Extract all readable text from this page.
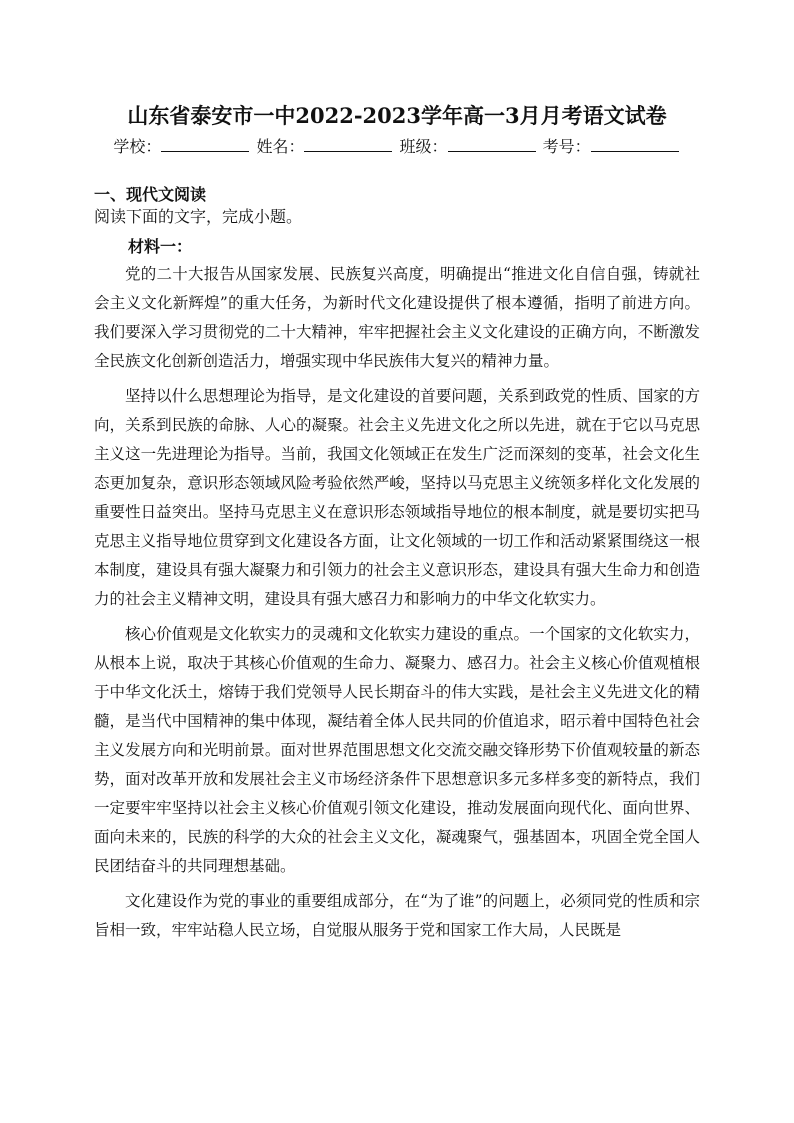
山东省泰安市一中2022-2023学年高一3月月考语文试卷
学校：	姓名：	班级：	考号：
一、现代文阅读
阅读下面的文字，完成小题。
材料一：

党的二十大报告从国家发展、民族复兴高度，明确提出“推进文化自信自强，铸就社会主义文化新辉煌”的重大任务，为新时代文化建设提供了根本遵循，指明了前进方向。我们要深入学习贯彻党的二十大精神，牢牢把握社会主义文化建设的正确方向，不断激发全民族文化创新创造活力，增强实现中华民族伟大复兴的精神力量。

坚持以什么思想理论为指导，是文化建设的首要问题，关系到政党的性质、国家的方向，关系到民族的命脉、人心的凝聚。社会主义先进文化之所以先进，就在于它以马克思主义这一先进理论为指导。当前，我国文化领域正在发生广泛而深刻的变革，社会文化生态更加复杂，意识形态领域风险考验依然严峻，坚持以马克思主义统领多样化文化发展的重要性日益突出。坚持马克思主义在意识形态领域指导地位的根本制度，就是要切实把马克思主义指导地位贯穿到文化建设各方面，让文化领域的一切工作和活动紧紧围绕这一根本制度，建设具有强大凝聚力和引领力的社会主义意识形态，建设具有强大生命力和创造力的社会主义精神文明，建设具有强大感召力和影响力的中华文化软实力。

核心价值观是文化软实力的灵魂和文化软实力建设的重点。一个国家的文化软实力，从根本上说，取决于其核心价值观的生命力、凝聚力、感召力。社会主义核心价值观植根于中华文化沃土，熔铸于我们党领导人民长期奋斗的伟大实践，是社会主义先进文化的精髓，是当代中国精神的集中体现，凝结着全体人民共同的价值追求，昭示着中国特色社会主义发展方向和光明前景。面对世界范围思想文化交流交融交锋形势下价值观较量的新态势，面对改革开放和发展社会主义市场经济条件下思想意识多元多样多变的新特点，我们一定要牢牢坚持以社会主义核心价值观引领文化建设，推动发展面向现代化、面向世界、面向未来的，民族的科学的大众的社会主义文化，凝魂聚气，强基固本，巩固全党全国人民团结奋斗的共同理想基础。

文化建设作为党的事业的重要组成部分，在“为了谁”的问题上，必须同党的性质和宗旨相一致，牢牢站稳人民立场，自觉服从服务于党和国家工作大局，人民既是
